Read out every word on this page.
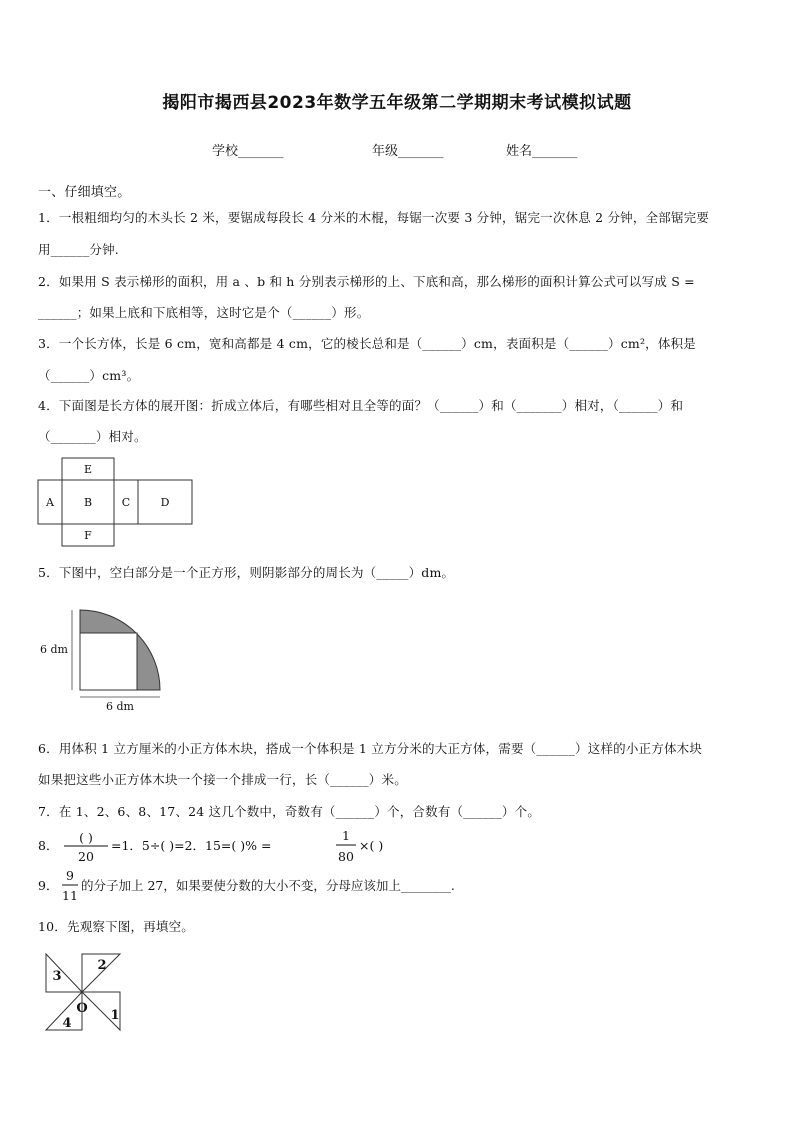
揭阳市揭西县2023年数学五年级第二学期期末考试模拟试题
学校_______	年级_______	姓名_______
一、仔细填空。
1．一根粗细均匀的木头长 2 米，要锯成每段长 4 分米的木棍，每锯一次要 3 分钟，锯完一次休息 2 分钟，全部锯完要
用______分钟.
2．如果用 S 表示梯形的面积，用 a 、b 和 h 分别表示梯形的上、下底和高，那么梯形的面积计算公式可以写成 S =
______；如果上底和下底相等，这时它是个（______）形。
3．一个长方体，长是 6 cm，宽和高都是 4 cm，它的棱长总和是（______）cm，表面积是（______）cm²，体积是
（______）cm³。
4．下面图是长方体的展开图：折成立体后，有哪些相对且全等的面？（______）和（_______）相对，（______）和
（_______）相对。
E
A	B	C	D
F
5．下图中，空白部分是一个正方形，则阴影部分的周长为（_____）dm。
6 dm
6 dm
6．用体积 1 立方厘米的小正方体木块，搭成一个体积是 1 立方分米的大正方体，需要（______）这样的小正方体木块
如果把这些小正方体木块一个接一个排成一行，长（______）米。
7．在 1、2、6、8、17、24 这几个数中，奇数有（______）个，合数有（______）个。
8．
( )
20
=1．5÷( )=2．15=( )% =
1
80
×( )
9．
9
11
的分子加上 27，如果要使分数的大小不变，分母应该加上________.
10．先观察下图，再填空。
3
2
O 1
4
